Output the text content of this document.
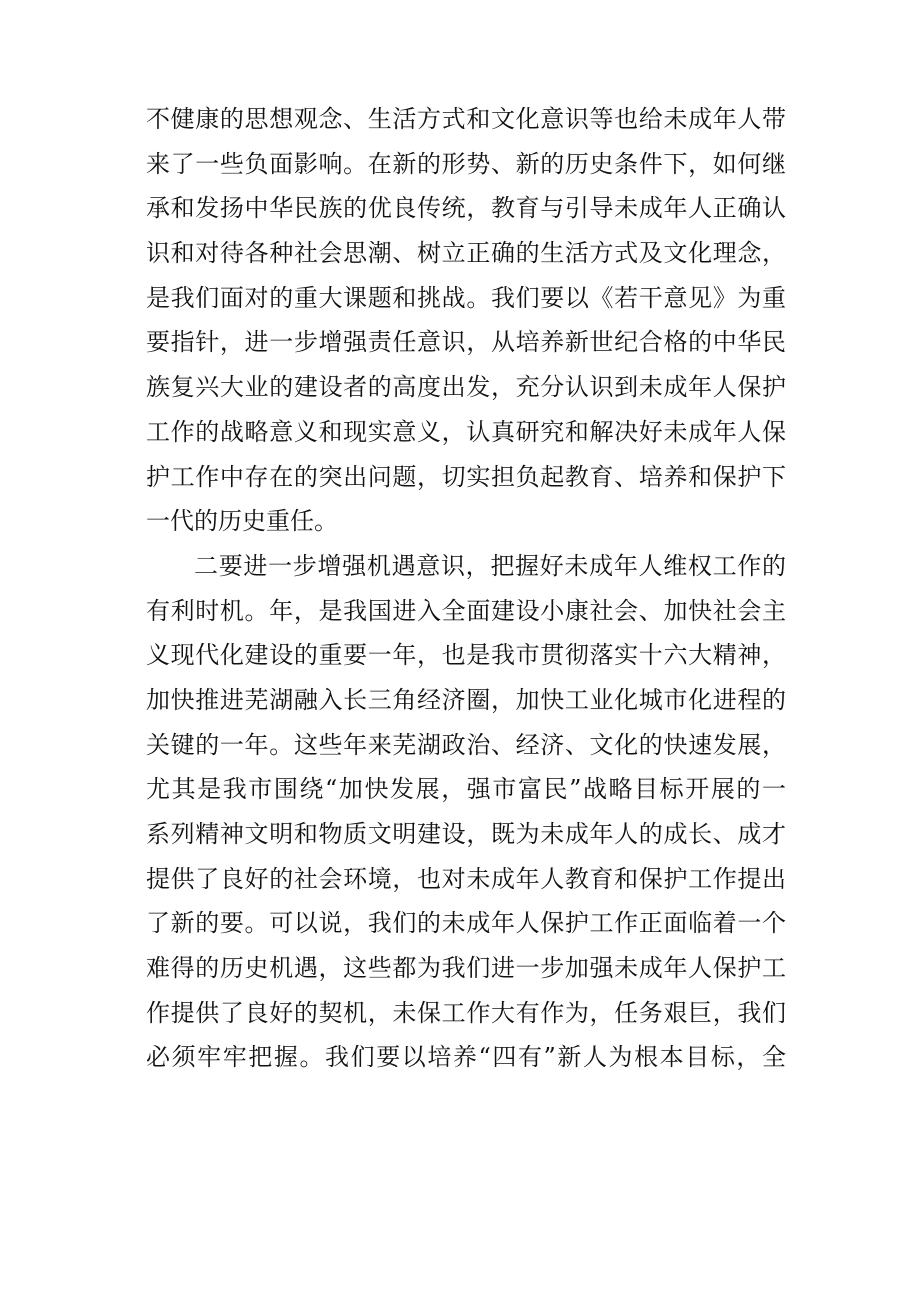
不健康的思想观念、生活方式和文化意识等也给未成年人带
来了一些负面影响。在新的形势、新的历史条件下，如何继
承和发扬中华民族的优良传统，教育与引导未成年人正确认
识和对待各种社会思潮、树立正确的生活方式及文化理念，
是我们面对的重大课题和挑战。我们要以《若干意见》为重
要指针，进一步增强责任意识，从培养新世纪合格的中华民
族复兴大业的建设者的高度出发，充分认识到未成年人保护
工作的战略意义和现实意义，认真研究和解决好未成年人保
护工作中存在的突出问题，切实担负起教育、培养和保护下
一代的历史重任。
二要进一步增强机遇意识，把握好未成年人维权工作的
有利时机。年，是我国进入全面建设小康社会、加快社会主
义现代化建设的重要一年，也是我市贯彻落实十六大精神，
加快推进芜湖融入长三角经济圈，加快工业化城市化进程的
关键的一年。这些年来芜湖政治、经济、文化的快速发展，
尤其是我市围绕“加快发展，强市富民”战略目标开展的一
系列精神文明和物质文明建设，既为未成年人的成长、成才
提供了良好的社会环境，也对未成年人教育和保护工作提出
了新的要。可以说，我们的未成年人保护工作正面临着一个
难得的历史机遇，这些都为我们进一步加强未成年人保护工
作提供了良好的契机，未保工作大有作为，任务艰巨，我们
必须牢牢把握。我们要以培养“四有”新人为根本目标，全
